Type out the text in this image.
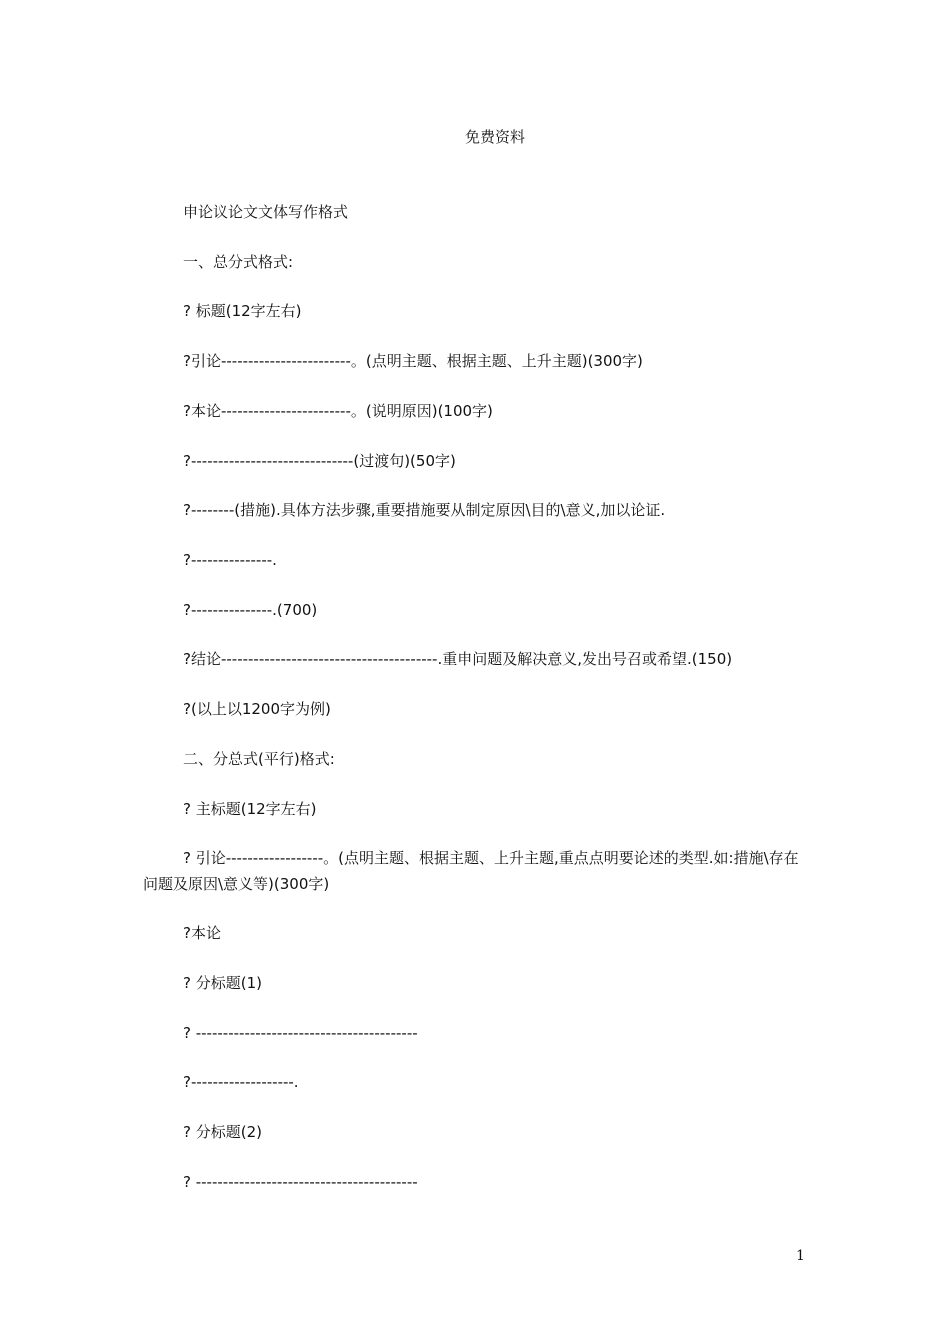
免费资料
申论议论文文体写作格式
一、总分式格式:
? 标题(12字左右)
?引论------------------------。(点明主题、根据主题、上升主题)(300字)
?本论------------------------。(说明原因)(100字)
?------------------------------(过渡句)(50字)
?--------(措施).具体方法步骤,重要措施要从制定原因\目的\意义,加以论证.
?---------------.
?---------------.(700)
?结论----------------------------------------.重申问题及解决意义,发出号召或希望.(150)
?(以上以1200字为例)
二、分总式(平行)格式:
? 主标题(12字左右)
? 引论------------------。(点明主题、根据主题、上升主题,重点点明要论述的类型.如:措施\存在问题及原因\意义等)(300字)
?本论
? 分标题(1)
? -----------------------------------------
?-------------------.
? 分标题(2)
? -----------------------------------------
1
